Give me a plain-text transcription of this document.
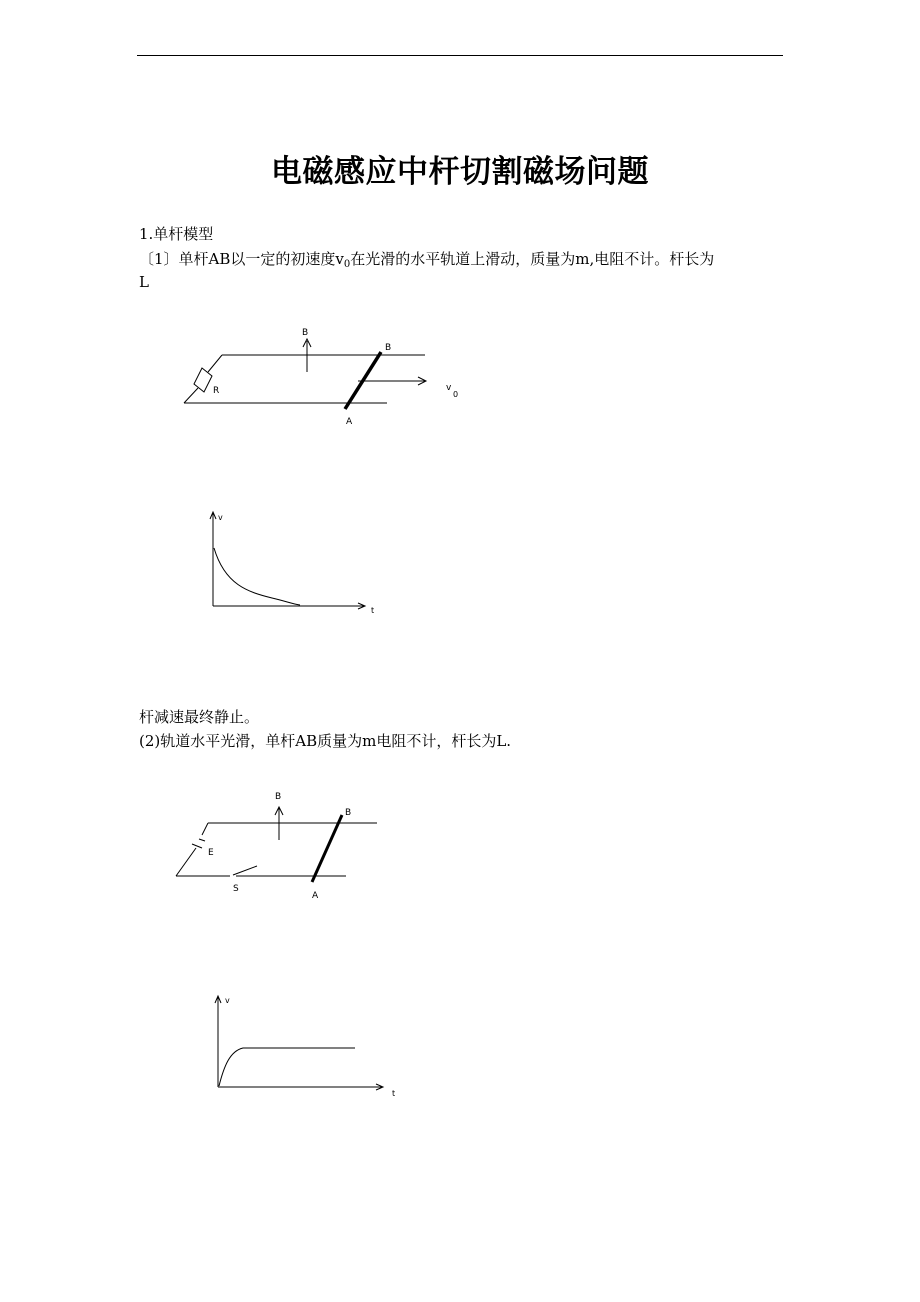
电磁感应中杆切割磁场问题
1.单杆模型
〔1〕单杆AB以一定的初速度$v_0$在光滑的水平轨道上滑动，质量为m,电阻不计。杆长为
L
B
B
A
R	v
0
v
t
杆减速最终静止。
(2)轨道水平光滑，单杆AB质量为m电阻不计，杆长为L.
B
B
A
E
S
v
t
